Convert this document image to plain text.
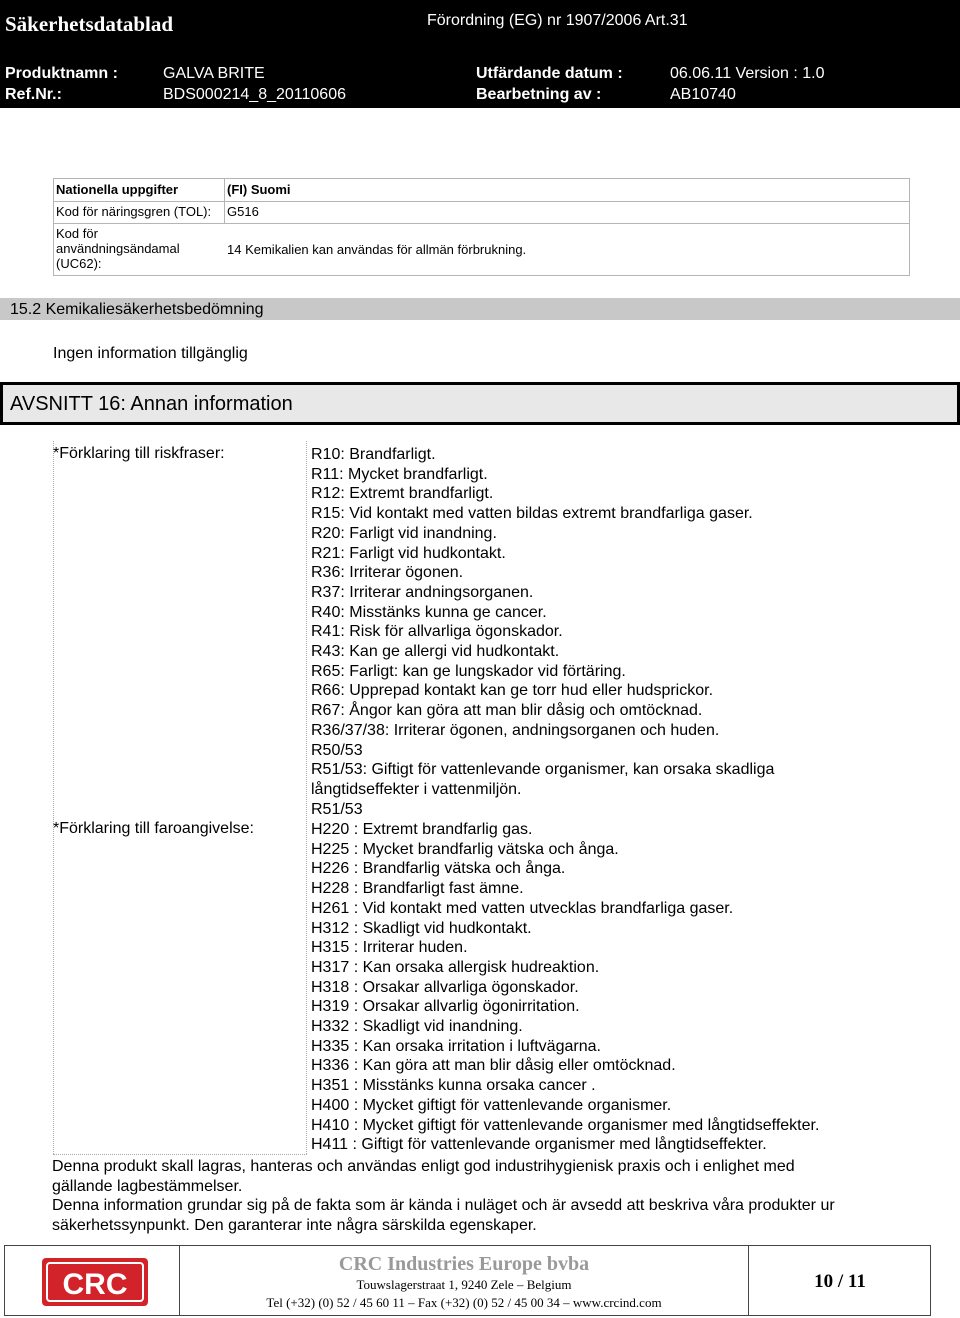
Säkerhetsdatablad	Förordning (EG) nr 1907/2006 Art.31
Produktnamn :	GALVA BRITE	Utfärdande datum :	06.06.11 Version : 1.0
Ref.Nr.:	BDS000214_8_20110606	Bearbetning av :	AB10740
Nationella uppgifter	(FI) Suomi
Kod för näringsgren (TOL): G516
Kod för
användningsändamal
(UC62):
14 Kemikalien kan användas för allmän förbrukning.
15.2 Kemikaliesäkerhetsbedömning
Ingen information tillgänglig
AVSNITT 16: Annan information
*Förklaring till riskfraser:	R10: Brandfarligt.
R11: Mycket brandfarligt.
R12: Extremt brandfarligt.
R15: Vid kontakt med vatten bildas extremt brandfarliga gaser.
R20: Farligt vid inandning.
R21: Farligt vid hudkontakt.
R36: Irriterar ögonen.
R37: Irriterar andningsorganen.
R40: Misstänks kunna ge cancer.
R41: Risk för allvarliga ögonskador.
R43: Kan ge allergi vid hudkontakt.
R65: Farligt: kan ge lungskador vid förtäring.
R66: Upprepad kontakt kan ge torr hud eller hudsprickor.
R67: Ångor kan göra att man blir dåsig och omtöcknad.
R36/37/38: Irriterar ögonen, andningsorganen och huden.
R50/53
R51/53: Giftigt för vattenlevande organismer, kan orsaka skadliga
långtidseffekter i vattenmiljön.
R51/53
*Förklaring till faroangivelse:	H220 : Extremt brandfarlig gas.
H225 : Mycket brandfarlig vätska och ånga.
H226 : Brandfarlig vätska och ånga.
H228 : Brandfarligt fast ämne.
H261 : Vid kontakt med vatten utvecklas brandfarliga gaser.
H312 : Skadligt vid hudkontakt.
H315 : Irriterar huden.
H317 : Kan orsaka allergisk hudreaktion.
H318 : Orsakar allvarliga ögonskador.
H319 : Orsakar allvarlig ögonirritation.
H332 : Skadligt vid inandning.
H335 : Kan orsaka irritation i luftvägarna.
H336 : Kan göra att man blir dåsig eller omtöcknad.
H351 : Misstänks kunna orsaka cancer .
H400 : Mycket giftigt för vattenlevande organismer.
H410 : Mycket giftigt för vattenlevande organismer med långtidseffekter.
H411 : Giftigt för vattenlevande organismer med långtidseffekter.
Denna produkt skall lagras, hanteras och användas enligt god industrihygienisk praxis och i enlighet med
gällande lagbestämmelser.
Denna information grundar sig på de fakta som är kända i nuläget och är avsedd att beskriva våra produkter ur
säkerhetssynpunkt. Den garanterar inte några särskilda egenskaper.
CRC
CRC Industries Europe bvba
Touwslagerstraat 1, 9240 Zele – Belgium
Tel (+32) (0) 52 / 45 60 11 – Fax (+32) (0) 52 / 45 00 34 – www.crcind.com
10 / 11
